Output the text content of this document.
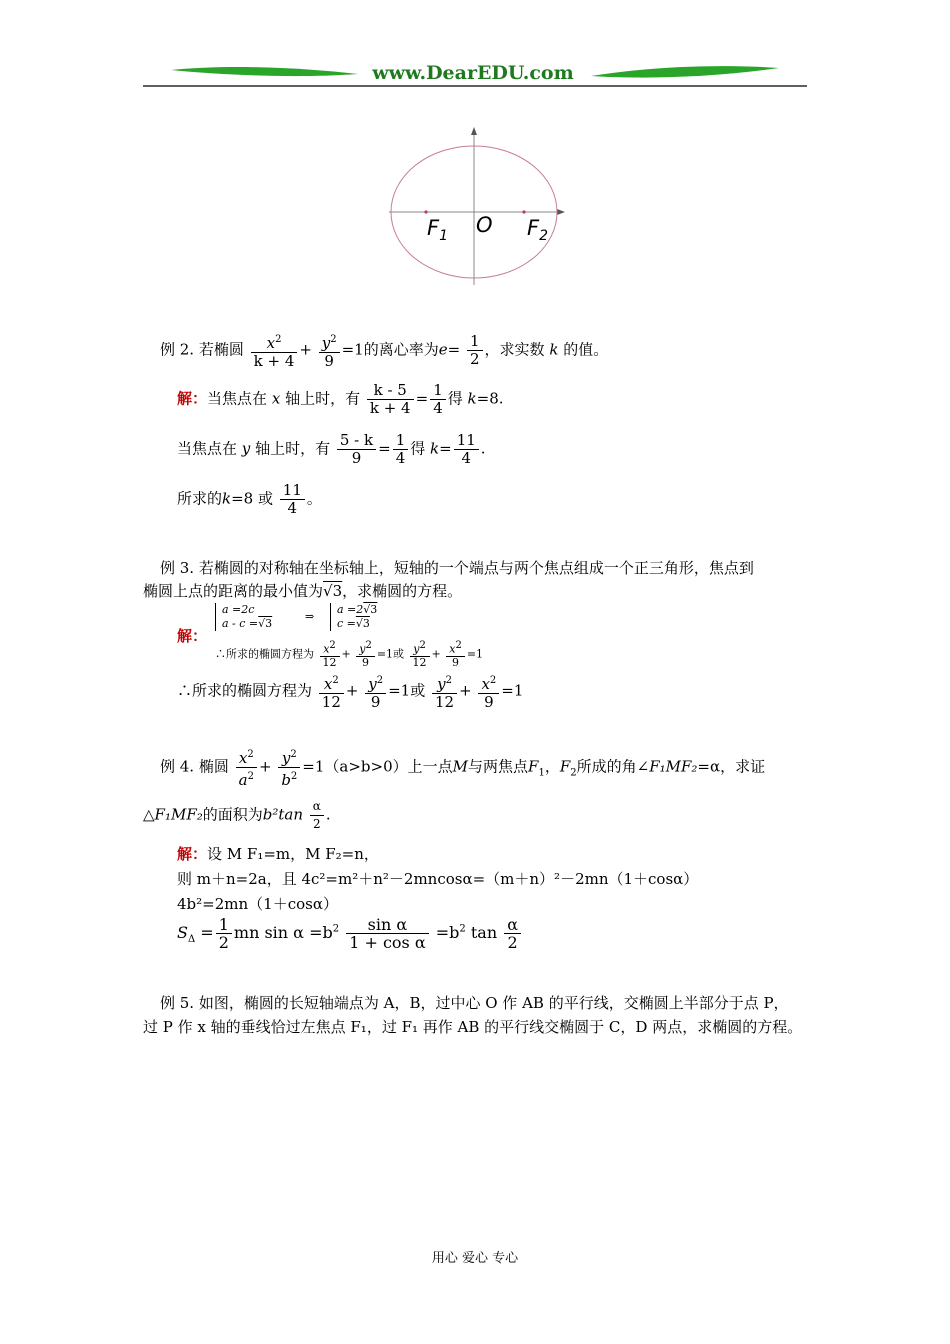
www.DearEDU.com
$F_1$ O $F_2$
例 2. 若椭圆 $\frac{x^2}{k + 4} + \frac{y^2}{9} =1$的离心率为$e= \frac{1}{2}$ ，求实数 k 的值。
解：当焦点在 x 轴上时，有 $\frac{k - 5}{k + 4} = \frac{1}{4}$ 得 k=8.
当焦点在 y 轴上时，有 $\frac{5 - k}{9} = \frac{1}{4}$ 得 $k= \frac{11}{4}$ .
所求的k=8 或 $\frac{11}{4}$ 。
例 3. 若椭圆的对称轴在坐标轴上，短轴的一个端点与两个焦点组成一个正三角形，焦点到
椭圆上点的距离的最小值为√3，求椭圆的方程。
解：
a =2c
a - c =√3
⇒
a =2√3
c =√3
∴所求的椭圆方程为 $\frac{x^2}{12} + \frac{y^2}{9} =1$或 $\frac{y^2}{12} + \frac{x^2}{9} =1$
∴所求的椭圆方程为 $\frac{x^2}{12} + \frac{y^2}{9} =1$或 $\frac{y^2}{12} + \frac{x^2}{9} =1$
例 4. 椭圆 $\frac{x^2}{a^2} + \frac{y^2}{b^2} =1(a>b>0)$上一点M与两焦点$F_1$，$F_2$所成的角∠F₁MF₂=α，求证
△F₁MF₂的面积为$b^2\tan \frac{\alpha}{2}$ .
解：设 M F₁=m，M F₂=n，
则 m＋n=2a，且 4c²=m²＋n²－2mncosα=（m＋n）²－2mn（1＋cosα）
4b²=2mn（1＋cosα）
$S_\Delta = \frac{1}{2}$ mn $\sin \alpha =b^2 \frac{\text{sin α}}{\text{1 + cos α}} =b^2$ $\tan \frac{\alpha}{2}$
例 5. 如图，椭圆的长短轴端点为 A，B，过中心 O 作 AB 的平行线，交椭圆上半部分于点 P，
过 P 作 x 轴的垂线恰过左焦点 F₁，过 F₁ 再作 AB 的平行线交椭圆于 C，D 两点，求椭圆的方程。
用心 爱心 专心
